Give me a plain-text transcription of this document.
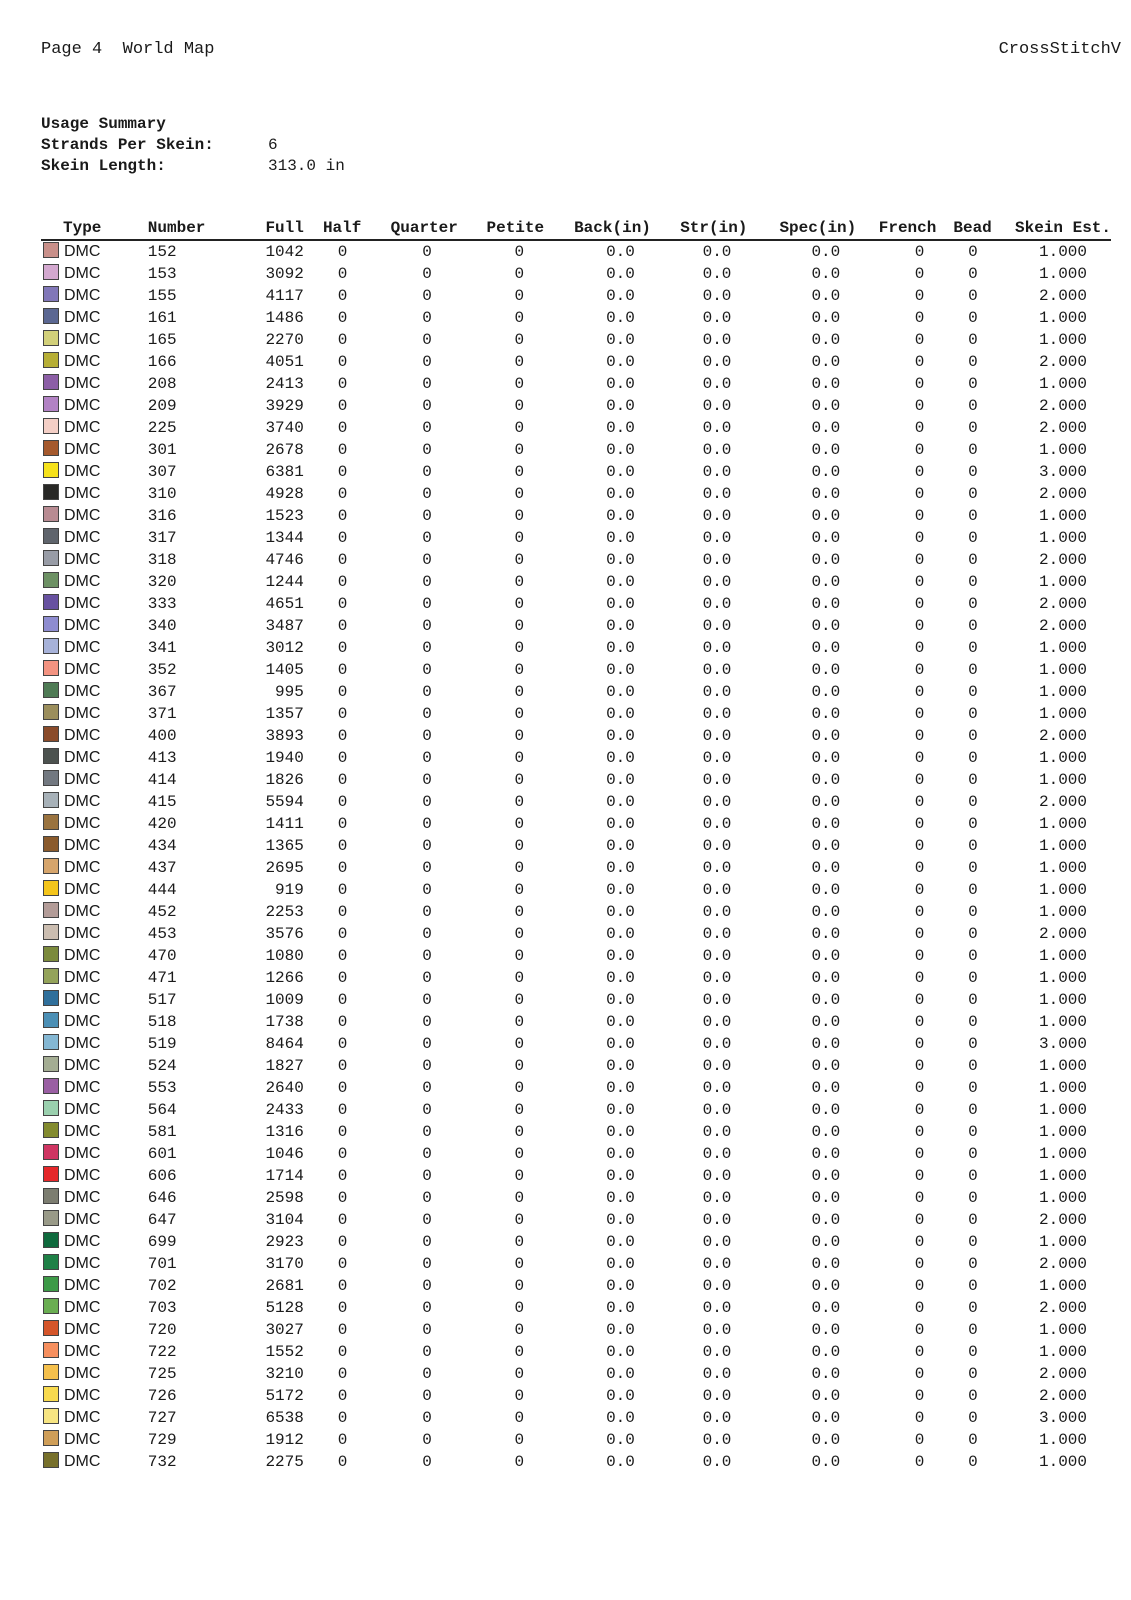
Page 4 World Map	CrossStitchV
Usage Summary
Strands Per Skein:	6
Skein Length:	313.0 in
Type	Number	Full	Half	Quarter	Petite	Back(in)	Str(in)	Spec(in)	French	Bead	Skein Est.
DMC	152	1042	0	0	0	0.0	0.0	0.0	0	0	1.000
DMC	153	3092	0	0	0	0.0	0.0	0.0	0	0	1.000
DMC	155	4117	0	0	0	0.0	0.0	0.0	0	0	2.000
DMC	161	1486	0	0	0	0.0	0.0	0.0	0	0	1.000
DMC	165	2270	0	0	0	0.0	0.0	0.0	0	0	1.000
DMC	166	4051	0	0	0	0.0	0.0	0.0	0	0	2.000
DMC	208	2413	0	0	0	0.0	0.0	0.0	0	0	1.000
DMC	209	3929	0	0	0	0.0	0.0	0.0	0	0	2.000
DMC	225	3740	0	0	0	0.0	0.0	0.0	0	0	2.000
DMC	301	2678	0	0	0	0.0	0.0	0.0	0	0	1.000
DMC	307	6381	0	0	0	0.0	0.0	0.0	0	0	3.000
DMC	310	4928	0	0	0	0.0	0.0	0.0	0	0	2.000
DMC	316	1523	0	0	0	0.0	0.0	0.0	0	0	1.000
DMC	317	1344	0	0	0	0.0	0.0	0.0	0	0	1.000
DMC	318	4746	0	0	0	0.0	0.0	0.0	0	0	2.000
DMC	320	1244	0	0	0	0.0	0.0	0.0	0	0	1.000
DMC	333	4651	0	0	0	0.0	0.0	0.0	0	0	2.000
DMC	340	3487	0	0	0	0.0	0.0	0.0	0	0	2.000
DMC	341	3012	0	0	0	0.0	0.0	0.0	0	0	1.000
DMC	352	1405	0	0	0	0.0	0.0	0.0	0	0	1.000
DMC	367	995	0	0	0	0.0	0.0	0.0	0	0	1.000
DMC	371	1357	0	0	0	0.0	0.0	0.0	0	0	1.000
DMC	400	3893	0	0	0	0.0	0.0	0.0	0	0	2.000
DMC	413	1940	0	0	0	0.0	0.0	0.0	0	0	1.000
DMC	414	1826	0	0	0	0.0	0.0	0.0	0	0	1.000
DMC	415	5594	0	0	0	0.0	0.0	0.0	0	0	2.000
DMC	420	1411	0	0	0	0.0	0.0	0.0	0	0	1.000
DMC	434	1365	0	0	0	0.0	0.0	0.0	0	0	1.000
DMC	437	2695	0	0	0	0.0	0.0	0.0	0	0	1.000
DMC	444	919	0	0	0	0.0	0.0	0.0	0	0	1.000
DMC	452	2253	0	0	0	0.0	0.0	0.0	0	0	1.000
DMC	453	3576	0	0	0	0.0	0.0	0.0	0	0	2.000
DMC	470	1080	0	0	0	0.0	0.0	0.0	0	0	1.000
DMC	471	1266	0	0	0	0.0	0.0	0.0	0	0	1.000
DMC	517	1009	0	0	0	0.0	0.0	0.0	0	0	1.000
DMC	518	1738	0	0	0	0.0	0.0	0.0	0	0	1.000
DMC	519	8464	0	0	0	0.0	0.0	0.0	0	0	3.000
DMC	524	1827	0	0	0	0.0	0.0	0.0	0	0	1.000
DMC	553	2640	0	0	0	0.0	0.0	0.0	0	0	1.000
DMC	564	2433	0	0	0	0.0	0.0	0.0	0	0	1.000
DMC	581	1316	0	0	0	0.0	0.0	0.0	0	0	1.000
DMC	601	1046	0	0	0	0.0	0.0	0.0	0	0	1.000
DMC	606	1714	0	0	0	0.0	0.0	0.0	0	0	1.000
DMC	646	2598	0	0	0	0.0	0.0	0.0	0	0	1.000
DMC	647	3104	0	0	0	0.0	0.0	0.0	0	0	2.000
DMC	699	2923	0	0	0	0.0	0.0	0.0	0	0	1.000
DMC	701	3170	0	0	0	0.0	0.0	0.0	0	0	2.000
DMC	702	2681	0	0	0	0.0	0.0	0.0	0	0	1.000
DMC	703	5128	0	0	0	0.0	0.0	0.0	0	0	2.000
DMC	720	3027	0	0	0	0.0	0.0	0.0	0	0	1.000
DMC	722	1552	0	0	0	0.0	0.0	0.0	0	0	1.000
DMC	725	3210	0	0	0	0.0	0.0	0.0	0	0	2.000
DMC	726	5172	0	0	0	0.0	0.0	0.0	0	0	2.000
DMC	727	6538	0	0	0	0.0	0.0	0.0	0	0	3.000
DMC	729	1912	0	0	0	0.0	0.0	0.0	0	0	1.000
DMC	732	2275	0	0	0	0.0	0.0	0.0	0	0	1.000
